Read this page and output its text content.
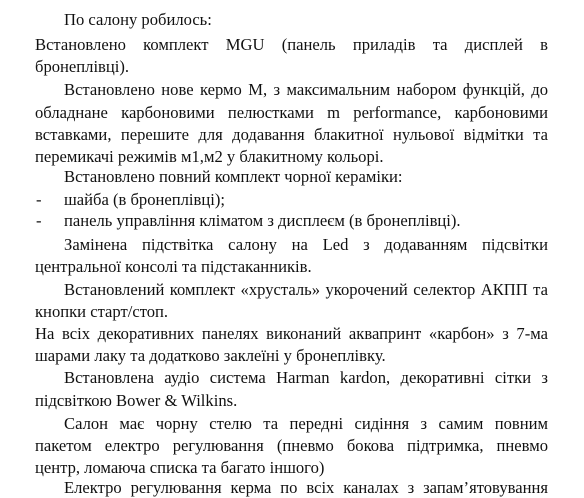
По салону робилось:
Встановлено комплект MGU (панель приладів та дисплей в
бронеплівці).
Встановлено нове кермо М, з максимальним набором функцій, до
обладнане карбоновими пелюстками m performance, карбоновими
вставками, перешите для додавання блакитної нульової відмітки та
перемикачі режимів м1,м2 у блакитному кольорі.
Встановлено повний комплект чорної кераміки:
- шайба (в бронеплівці);
- панель управління кліматом з дисплеєм (в бронеплівці).
Замінена підствітка салону на Led з додаванням підсвітки
центральної консолі та підстаканників.
Встановлений комплект «хрусталь» укорочений селектор АКПП та
кнопки старт/стоп.
На всіх декоративних панелях виконаний аквапринт «карбон» з 7-ма
шарами лаку та додатково заклеїні у бронеплівку.
Встановлена аудіо система Harman kardon, декоративні сітки з
підсвіткою Bower & Wilkins.
Салон має чорну стелю та передні сидіння з самим повним
пакетом електро регулювання (пневмо бокова підтримка, пневмо
центр, ломаюча списка та багато іншого)
Електро регулювання керма по всіх каналах з запам’ятовування
